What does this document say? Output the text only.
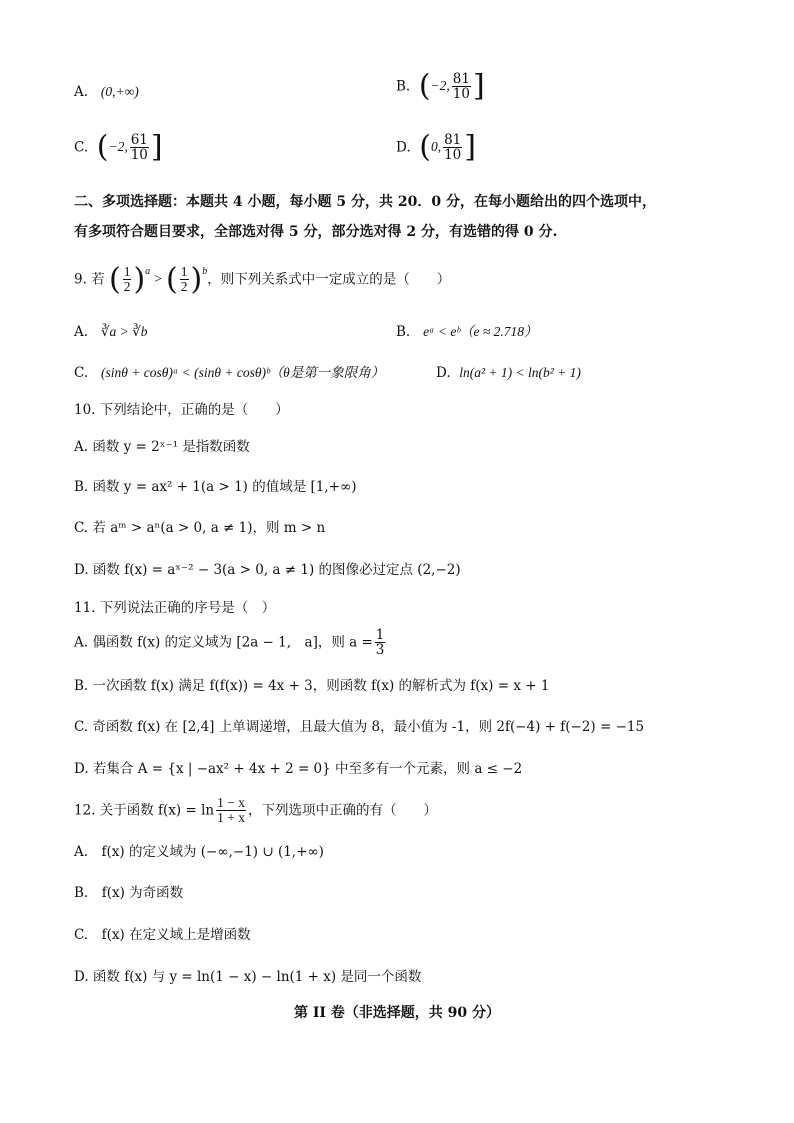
A. (0,+∞)	B. (−2, $\frac{81}{10}$ ]
C. (−2, $\frac{61}{10}$ ]	D. (0, $\frac{81}{10}$ ]
二、多项选择题：本题共 4 小题，每小题 5 分，共 20．0 分，在每小题给出的四个选项中，
有多项符合题目要求，全部选对得 5 分，部分选对得 2 分，有选错的得 0 分.
9. 若 ( $\frac{1}{2} )^a$ > ( $\frac{1}{2} )^b$，则下列关系式中一定成立的是（　　）
A. ∛a > ∛b	B. eᵃ < eᵇ（e ≈ 2.718）
C. (sinθ + cosθ)ᵃ < (sinθ + cosθ)ᵇ（θ是第一象限角）	D. ln(a² + 1) < ln(b² + 1)
10. 下列结论中，正确的是（　　）
A. 函数 y = 2ˣ⁻¹ 是指数函数
B. 函数 y = ax² + 1(a > 1) 的值域是 [1,+∞)
C. 若 aᵐ > aⁿ(a > 0, a ≠ 1)，则 m > n
D. 函数 f(x) = aˣ⁻² − 3(a > 0, a ≠ 1) 的图像必过定点 (2,−2)
11. 下列说法正确的序号是（　）
A. 偶函数 f(x) 的定义域为 [2a − 1,　a]，则 $a = \frac{1}{3}$
B. 一次函数 f(x) 满足 f(f(x)) = 4x + 3，则函数 f(x) 的解析式为 f(x) = x + 1
C. 奇函数 f(x) 在 [2,4] 上单调递增，且最大值为 8，最小值为 -1，则 2f(−4) + f(−2) = −15
D. 若集合 A = {x | −ax² + 4x + 2 = 0} 中至多有一个元素，则 a ≤ −2
12. 关于函数 $f(x) = \ln \frac{1 - x}{1 + x}$ ，下列选项中正确的有（　　）
A.　f(x) 的定义域为 (−∞,−1) ∪ (1,+∞)
B.　f(x) 为奇函数
C.　f(x) 在定义域上是增函数
D. 函数 f(x) 与 y = ln(1 − x) − ln(1 + x) 是同一个函数
第 II 卷（非选择题，共 90 分）
